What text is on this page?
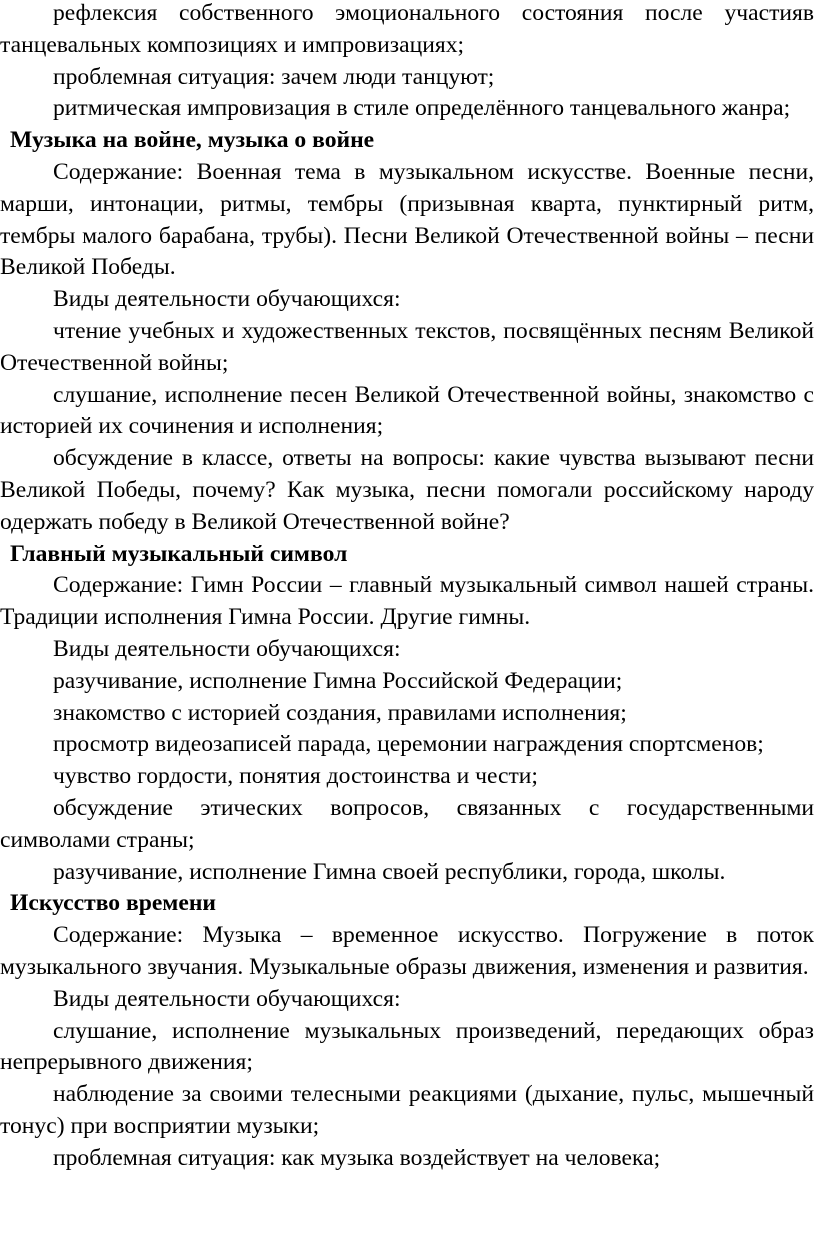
рефлексия собственного эмоционального состояния после участияв танцевальных композициях и импровизациях;

проблемная ситуация: зачем люди танцуют;

ритмическая импровизация в стиле определённого танцевального жанра;

Музыка на войне, музыка о войне

Содержание: Военная тема в музыкальном искусстве. Военные песни, марши, интонации, ритмы, тембры (призывная кварта, пунктирный ритм, тембры малого барабана, трубы). Песни Великой Отечественной войны – песни Великой Победы.

Виды деятельности обучающихся:

чтение учебных и художественных текстов, посвящённых песням Великой Отечественной войны;

слушание, исполнение песен Великой Отечественной войны, знакомство с историей их сочинения и исполнения;

обсуждение в классе, ответы на вопросы: какие чувства вызывают песни Великой Победы, почему? Как музыка, песни помогали российскому народу одержать победу в Великой Отечественной войне?

Главный музыкальный символ

Содержание: Гимн России – главный музыкальный символ нашей страны. Традиции исполнения Гимна России. Другие гимны.

Виды деятельности обучающихся:

разучивание, исполнение Гимна Российской Федерации;

знакомство с историей создания, правилами исполнения;

просмотр видеозаписей парада, церемонии награждения спортсменов;

чувство гордости, понятия достоинства и чести;

обсуждение этических вопросов, связанных с государственными символами страны;

разучивание, исполнение Гимна своей республики, города, школы.

Искусство времени

Содержание: Музыка – временное искусство. Погружение в поток музыкального звучания. Музыкальные образы движения, изменения и развития.

Виды деятельности обучающихся:

слушание, исполнение музыкальных произведений, передающих образ непрерывного движения;

наблюдение за своими телесными реакциями (дыхание, пульс, мышечный тонус) при восприятии музыки;

проблемная ситуация: как музыка воздействует на человека;
